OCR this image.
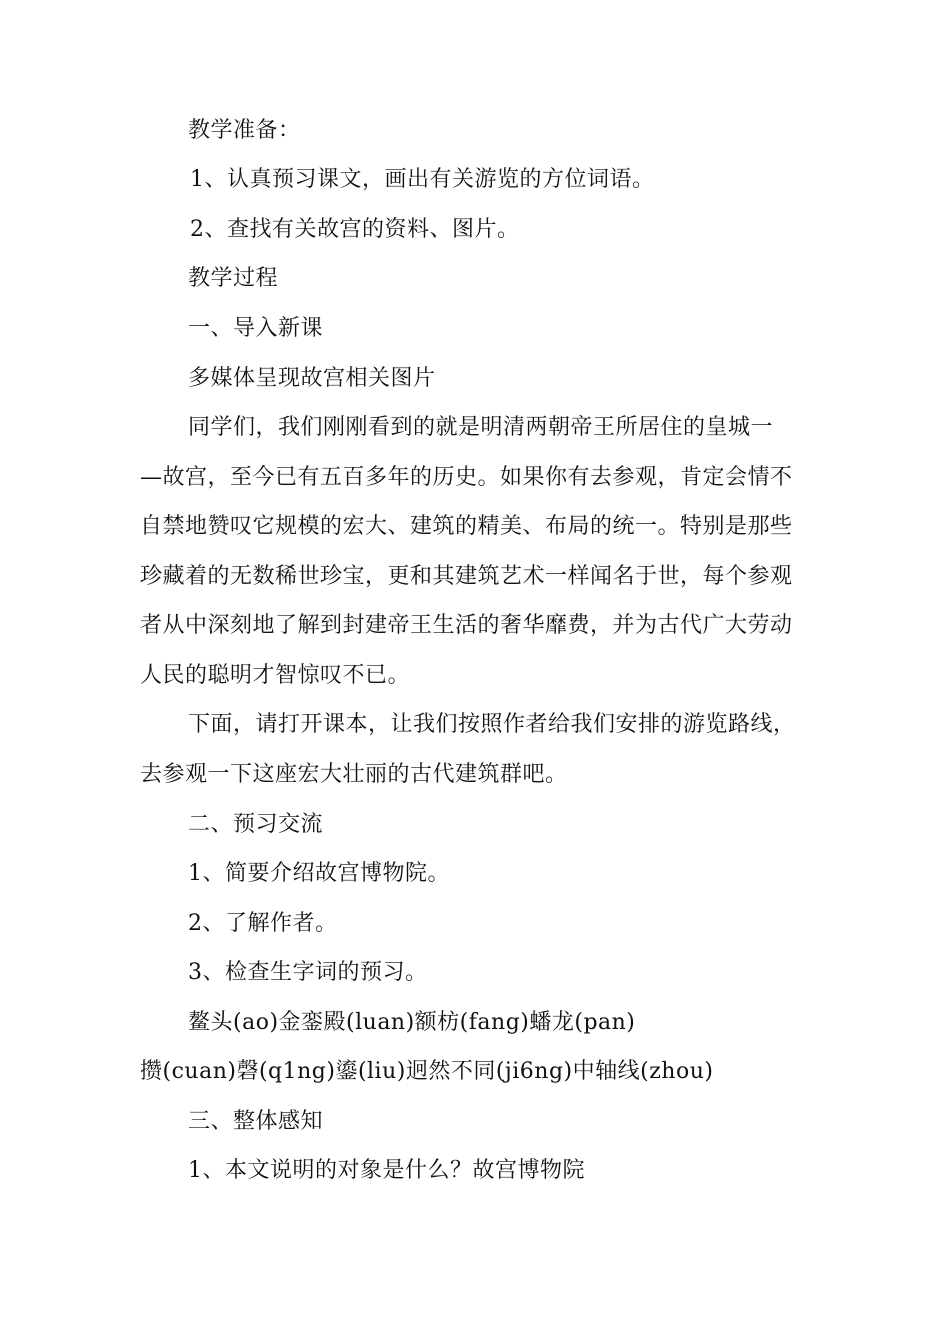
教学准备：
1、认真预习课文，画出有关游览的方位词语。
2、查找有关故宫的资料、图片。
教学过程
一、导入新课
多媒体呈现故宫相关图片
同学们，我们刚刚看到的就是明清两朝帝王所居住的皇城一
—故宫，至今已有五百多年的历史。如果你有去参观，肯定会情不
自禁地赞叹它规模的宏大、建筑的精美、布局的统一。特别是那些
珍藏着的无数稀世珍宝，更和其建筑艺术一样闻名于世，每个参观
者从中深刻地了解到封建帝王生活的奢华靡费，并为古代广大劳动
人民的聪明才智惊叹不已。
下面，请打开课本，让我们按照作者给我们安排的游览路线，
去参观一下这座宏大壮丽的古代建筑群吧。
二、预习交流
1、简要介绍故宫博物院。
2、了解作者。
3、检查生字词的预习。
鳌头(ao)金銮殿(luan)额枋(fang)蟠龙(pan)
攒(cuan)磬(q1ng)鎏(liu)迥然不同(ji6ng)中轴线(zhou)
三、整体感知
1、本文说明的对象是什么？故宫博物院
